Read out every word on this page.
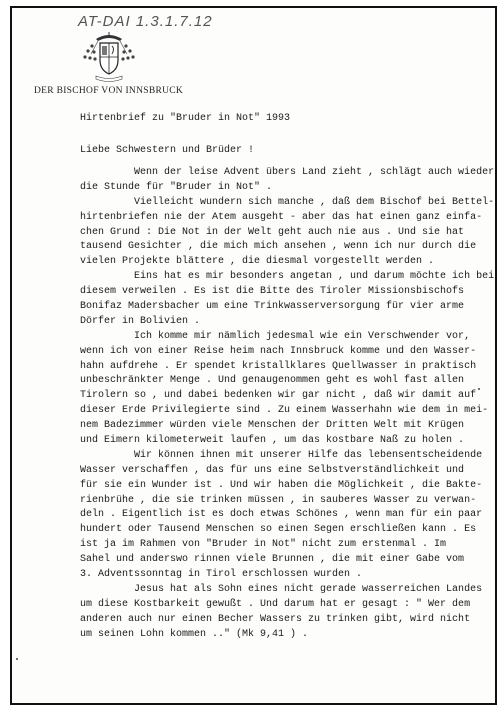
AT-DAI 1.3.1.7.12
DER BISCHOF VON INNSBRUCK
Hirtenbrief zu "Bruder in Not" 1993
Liebe Schwestern und Brüder !
Wenn der leise Advent übers Land zieht , schlägt auch wieder
die Stunde für "Bruder in Not" .
Vielleicht wundern sich manche , daß dem Bischof bei Bettel-
hirtenbriefen nie der Atem ausgeht - aber das hat einen ganz einfa-
chen Grund : Die Not in der Welt geht auch nie aus . Und sie hat
tausend Gesichter , die mich mich ansehen , wenn ich nur durch die
vielen Projekte blättere , die diesmal vorgestellt werden .
Eins hat es mir besonders angetan , und darum möchte ich bei
diesem verweilen . Es ist die Bitte des Tiroler Missionsbischofs
Bonifaz Madersbacher um eine Trinkwasserversorgung für vier arme
Dörfer in Bolivien .
Ich komme mir nämlich jedesmal wie ein Verschwender vor,
wenn ich von einer Reise heim nach Innsbruck komme und den Wasser-
hahn aufdrehe . Er spendet kristallklares Quellwasser in praktisch
unbeschränkter Menge . Und genaugenommen geht es wohl fast allen
Tirolern so , und dabei bedenken wir gar nicht , daß wir damit auf
dieser Erde Privilegierte sind . Zu einem Wasserhahn wie dem in mei-
nem Badezimmer würden viele Menschen der Dritten Welt mit Krügen
und Eimern kilometerweit laufen , um das kostbare Naß zu holen .
Wir können ihnen mit unserer Hilfe das lebensentscheidende
Wasser verschaffen , das für uns eine Selbstverständlichkeit und
für sie ein Wunder ist . Und wir haben die Möglichkeit , die Bakte-
rienbrühe , die sie trinken müssen , in sauberes Wasser zu verwan-
deln . Eigentlich ist es doch etwas Schönes , wenn man für ein paar
hundert oder Tausend Menschen so einen Segen erschließen kann . Es
ist ja im Rahmen von "Bruder in Not" nicht zum erstenmal . Im
Sahel und anderswo rinnen viele Brunnen , die mit einer Gabe vom
3. Adventssonntag in Tirol erschlossen wurden .
Jesus hat als Sohn eines nicht gerade wasserreichen Landes
um diese Kostbarkeit gewußt . Und darum hat er gesagt : " Wer dem
anderen auch nur einen Becher Wassers zu trinken gibt, wird nicht
um seinen Lohn kommen .." (Mk 9,41 ) .
